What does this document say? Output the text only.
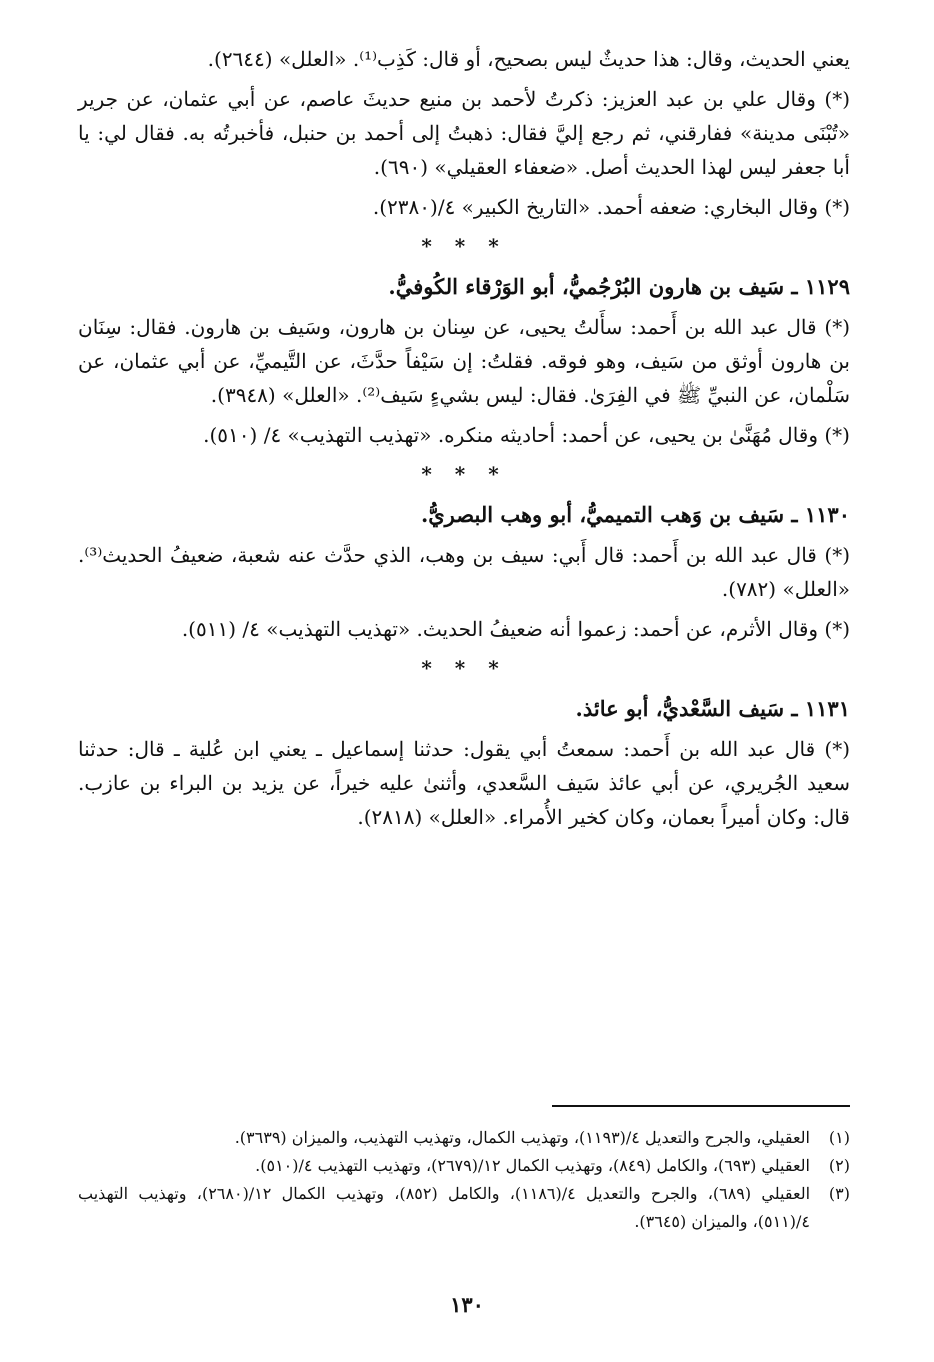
يعني الحديث، وقال: هذا حديثٌ ليس بصحيح، أو قال: كَذِب⁽¹⁾. «العلل» (٢٦٤٤).

(*) وقال علي بن عبد العزيز: ذكرتُ لأحمد بن منيع حديثَ عاصم، عن أبي عثمان، عن جرير «تُبْنَى مدينة» ففارقني، ثم رجع إليَّ فقال: ذهبتُ إلى أحمد بن حنبل، فأخبرتُه به. فقال لي: يا أبا جعفر ليس لهذا الحديث أصل. «ضعفاء العقيلي» (٦٩٠).

(*) وقال البخاري: ضعفه أحمد. «التاريخ الكبير» ٤/(٢٣٨٠).

* * *

١١٢٩ ـ سَيف بن هارون البُرْجُميُّ، أبو الوَرْقاء الكُوفيُّ.

(*) قال عبد الله بن أَحمد: سأَلتُ يحيى، عن سِنان بن هارون، وسَيف بن هارون. فقال: سِنَان بن هارون أوثق من سَيف، وهو فوقه. فقلتُ: إن سَيْفاً حدَّثَ، عن التَّيميِّ، عن أبي عثمان، عن سَلْمان، عن النبيِّ ﷺ في الفِرَىٰ. فقال: ليس بشيءٍ سَيف⁽²⁾. «العلل» (٣٩٤٨).

(*) وقال مُهَنَّىٰ بن يحيى، عن أحمد: أحاديثه منكره. «تهذيب التهذيب» ٤/ (٥١٠).

* * *

١١٣٠ ـ سَيف بن وَهب التميميُّ، أبو وهب البصريُّ.

(*) قال عبد الله بن أَحمد: قال أَبي: سيف بن وهب، الذي حدَّث عنه شعبة، ضعيفُ الحديث⁽³⁾. «العلل» (٧٨٢).

(*) وقال الأثرم، عن أحمد: زعموا أنه ضعيفُ الحديث. «تهذيب التهذيب» ٤/ (٥١١).

* * *

١١٣١ ـ سَيف السَّعْديُّ، أبو عائذ.

(*) قال عبد الله بن أَحمد: سمعتُ أبي يقول: حدثنا إسماعيل ـ يعني ابن عُلية ـ قال: حدثنا سعيد الجُريري، عن أبي عائذ سَيف السَّعدي، وأثنىٰ عليه خيراً، عن يزيد بن البراء بن عازب. قال: وكان أميراً بعمان، وكان كخير الأُمراء. «العلل» (٢٨١٨).

(١)
العقيلي، والجرح والتعديل ٤/(١١٩٣)، وتهذيب الكمال، وتهذيب التهذيب، والميزان (٣٦٣٩).
(٢)
العقيلي (٦٩٣)، والكامل (٨٤٩)، وتهذيب الكمال ١٢/(٢٦٧٩)، وتهذيب التهذيب ٤/(٥١٠).
(٣)
العقيلي (٦٨٩)، والجرح والتعديل ٤/(١١٨٦)، والكامل (٨٥٢)، وتهذيب الكمال ١٢/(٢٦٨٠)، وتهذيب التهذيب ٤/(٥١١)، والميزان (٣٦٤٥).
١٣٠
